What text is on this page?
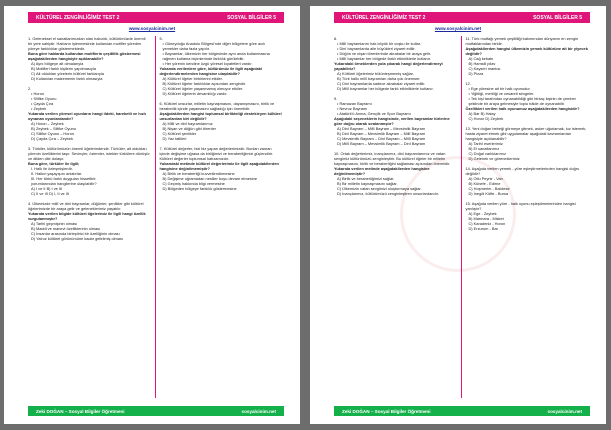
KÜLTÜREL ZENGİNLİĞİMİZ TEST 2	SOSYAL BİLGİLER 5
www.sosyalcinim.net
1. Geleneksel el sanatlarımızdan olan halıcılık, kültürümüzde önemli bir yere sahiptir. Halıların işlenmesinde kullanılan motifler yöreden yöreye farklılıklar göstermektedir.
Buna göre halılarda kullanılan motiflerin çeşitlilik göstermesi aşağıdakilerden hangisiyle açıklanabilir?
A) Aynı bölgeye ait olmalarıyla
B) Motifleri farklı kişilerin yapılmasıyla
C) Ait oldukları yörelerin kültürel farklarıyla
D) Kullanılan malzemenin farklı olmasıyla
2.
• Horon
• Silifke Oyunu
• Çayda Çıra
• Zeybek
Yukarıda verilen yöresel oyunların hangi ildeki, hareketli ve hızlı oynanan oyunlardandır?
A) Horon – Zeybek
B) Zeybek – Silifke Oyunu
C) Silifke Oyunu – Horon
D) Çayda Çıra – Zeybek
3. Türkiler, kültürümüzün önemli öğelerindendir. Türküler, ait oldukları yörenin özelliklerini taşır. Sevinçler, özlemler, istekler türkülere dönüşür ve dilden dile dolaşır.
Buna göre, türküler ile ilgili;
I. Halk ile özleşmişlerdir.
II. Halkın yaşayışını anlatırlar.
III. Her türkü farklı duyguları hissettirir.
yorumlarından hangilerine ulaşılabilir?
A) I ve II B) I ve III
C) II ve III D) I, II ve III
4. Ülkemizde millî ve dinî bayramlar, düğünler, şenlikler gibi kültürel öğelerimizde bir araya gelir ve geleneklerimiz yaşatılır.
Yukarıda verilen bilgide kültürel öğelerimiz ile ilgili hangi özellik vurgulanmıştır?
A) Tarihi geçmişinin olması
B) Maddi ve manevi özelliklerinin olması
C) İnsanlar arasında birleştirici bir özelliğinin olması
D) Yalnız kültürel görünümüne kadar getirilmiş olması
5.
• Güneydoğu Anadolu Bölgesi'nde diğer bölgelere göre acılı yemekler daha fazla yapılır.
• Bayramlar, ülkemizin her bölgesinde aynı anda kutlanmasına rağmen kutlama biçimlerinde farklılık görülebilir.
• Her yörenin kendine özgü yöresel kıyafetleri vardır.
Yukarıda verilenlere göre, kültürümüz ile ilgili aşağıdaki değerlendirmelerden hangisine ulaşılabilir?
A) Kültürel öğeler birbirlerini etkiler.
B) Kültürel öğeler farklılıklar açısından zengindir.
C) Kültürel öğeler yaşanmamış olmuyor etkiler.
D) Kültürel öğelerin devamlılığı vardır.
6. Kültürel unsurlar, milletin kaynaşmasını, dayanışmasını, birlik ve beraberlik içinde yaşamasını sağladığı için önemlidir.
Aşağıdakilerden hangisi toplumsal birlikteliği destekleyen kültürel unsurlardan biri değildir?
A) Millî ve dinî bayramlarımız
B) Nişan ve düğün gibi törenler
C) Kültürel şenlikler
D) Yaz tatilleri
7. Kültürel değerler, bizi biz yapan değerlerimizdir. Bunları zaman içinde değişime uğrasa da birliğimizi ve beraberliğimizi güçlendirir. Kültürel değerler toplumsal hafızamızdır.
Yukarıdaki metinde kültürel değerlerimiz ile ilgili aşağıdakilerden hangisine değinilmemiştir?
A) Birlik ve beraberliği kuvvetlendirmesine
B) Değişime uğramadan nesiller boyu devam etmesine
C) Geçmiş hakkında bilgi vermesine
D) Bölgeden bölgeye farklılık göstermesine
Zeki DOĞAN – Sosyal Bilgiler Öğretmeni	sosyalcinim.net
KÜLTÜREL ZENGİNLİĞİMİZ TEST 2	SOSYAL BİLGİLER 5
www.sosyalcinim.net
8.
• Millî bayramlarını hak böyük bir coşku ile kutlar.
• Dinî bayramlarda aile büyükleri ziyaret edilir.
• Düğün ve nişan törenlerinde akrabalar bir araya gelir.
• Millî bayramlar her bölgede farklı etkinliklerle kutlanır.
Yukarıdaki örneklerden yola çıkarak hangi değerlendirmeyi yapabiliriz?
A) Kültürel öğelerimiz bütünleşmemiş sağlar.
B) Türk halkı millî bayramları daha çok önemser.
C) Dinî bayramlarda sadece akrabalar ziyaret edilir.
D) Millî bayramlar her bölgede farklı etkinliklerle kutlanır.
9.
• Ramazan Bayramı
• Nevruz Bayramı
• Atatürk'ü Anma, Gençlik ve Spor Bayramı
Aşağıdaki seçeneklerin hangisinde, verilen bayramlar türlerine göre doğru olarak sıralanmıştır?
A) Dinî Bayram – Millî Bayram – Mevsimlik Bayram
B) Dinî Bayram – Mevsimlik Bayram – Millî Bayram
C) Mevsimlik Bayram – Dinî Bayram – Millî Bayram
D) Millî Bayram – Mevsimlik Bayram – Dinî Bayram
10. Ortak değerlerimiz, inançlarımız, dinî bayramlarımız ve vatan sevgimiz kültürümüzü zenginleştirir. Bu kültürel öğeler bir milletin kaynaşmasını, birlik ve beraberliğini sağlaması açısından önemlidir.
Yukarıda verilen metinde aşağıdakilerden hangisine değinilmemiştir?
A) Birlik ve beraberliğimizi sağlar.
B) Bir milletin kaynaşmasını sağlar.
C) Ülkemizin vatan sevgimizi oluşturmaya sağlar.
D) İnançlarımız, kültürümüzü zenginleştiren unsurlardandır.
11. Türk mutfağı yemek çeşitliliği bakımından dünyanın en zengin mutfaklarından biridir.
Aşağıdakilerden hangisi ülkemizin yemek kültürüne ait bir yiyecek değildir?
A) Cağ kebabı
B) Hamsili pilav
C) Kayseri mantısı
D) Pizza
12.
• Ege yöresine ait bir halk oyunudur.
• Yiğitliği, mertliği ve cesareti simgeler.
• Tek kişi tarafından oynanabildiği gibi birkaç kişinin de çember şeklinde bir araya gelmesiyle toplu hâlde de oynanabilir.
Özellikleri verilen halk oyunumuz aşağıdakilerden hangisidir?
A) Bar B) Halay
C) Horon D) Zeybek
13. Yeni doğan bebeği görmeye gitmek, asker uğurlamak, kız istemek, hasta ziyaret etmek gibi uygulamalar aşağıdaki kavramlardan hangisiyle açıklanabilir?
A) Tarihî eserlerimiz
B) El sanatlarımız
C) Doğal varlıklarımız
D) Gelenek ve göreneklerimiz
14. Aşağıda verilen yemek - yöre eşleştirmelerinden hangisi doğru değildir?
A) Otlu Peynir - Van
B) Künefe - Edirne
C) Hoşmerim - Balıkesir
D) İnegöl Köfte - Bursa
15. Aşağıda verilen yöre - halk oyunu eşleştirmelerinden hangisi yanlıştır?
A) Ege - Zeybek
B) Marmara - Misket
C) Karadeniz - Horon
D) Erzurum - Bar
Zeki DOĞAN – Sosyal Bilgiler Öğretmeni	sosyalcinim.net
